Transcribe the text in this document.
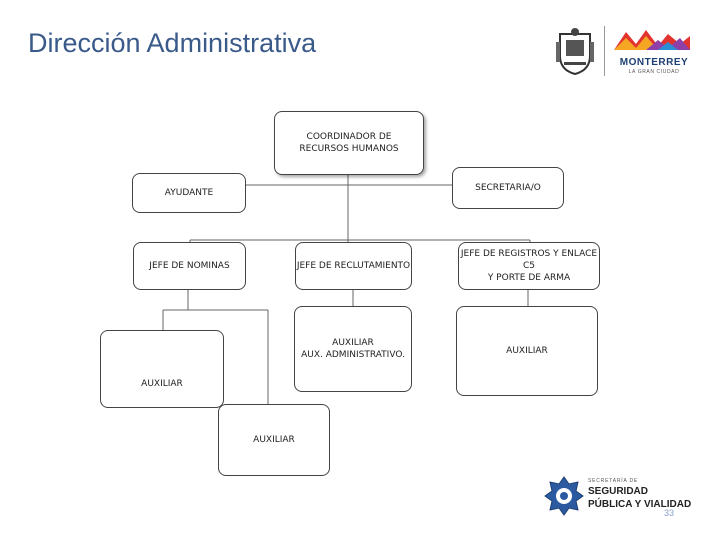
Dirección Administrativa
MONTERREY
LA GRAN CIUDAD
COORDINADOR DE
RECURSOS HUMANOS
SECRETARIA/O
AYUDANTE
JEFE DE NOMINAS	JEFE DE RECLUTAMIENTO
JEFE DE REGISTROS Y ENLACE C5
Y PORTE DE ARMA
AUXILIAR
AUXILIAR
AUXILIAR
AUX. ADMINISTRATIVO.	AUXILIAR
SECRETARÍA DE
SEGURIDAD
PÚBLICA Y VIALIDAD
33
